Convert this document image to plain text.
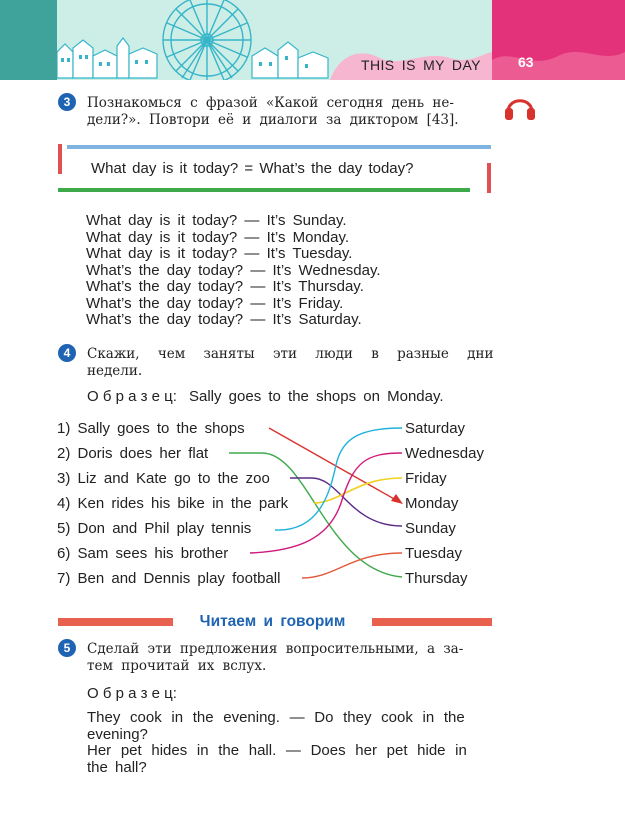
THIS IS MY DAY	63
3	Познакомься с фразой «Какой сегодня день не-
дели?». Повтори её и диалоги за диктором [43].
What day is it today? = What’s the day today?
What day is it today? — It’s Sunday.
What day is it today? — It’s Monday.
What day is it today? — It’s Tuesday.
What’s the day today? — It’s Wednesday.
What’s the day today? — It’s Thursday.
What’s the day today? — It’s Friday.
What’s the day today? — It’s Saturday.
4	Скажи, чем заняты эти люди в разные дни
недели.
О б р а з е ц: Sally goes to the shops on Monday.
1) Sally goes to the shops
2) Doris does her flat
3) Liz and Kate go to the zoo
4) Ken rides his bike in the park
5) Don and Phil play tennis
6) Sam sees his brother
7) Ben and Dennis play football
Saturday
Wednesday
Friday
Monday
Sunday
Tuesday
Thursday
Читаем и говорим
5	Сделай эти предложения вопросительными, а за-
тем прочитай их вслух.
О б р а з е ц:
They cook in the evening. — Do they cook in the
evening?
Her pet hides in the hall. — Does her pet hide in
the hall?
